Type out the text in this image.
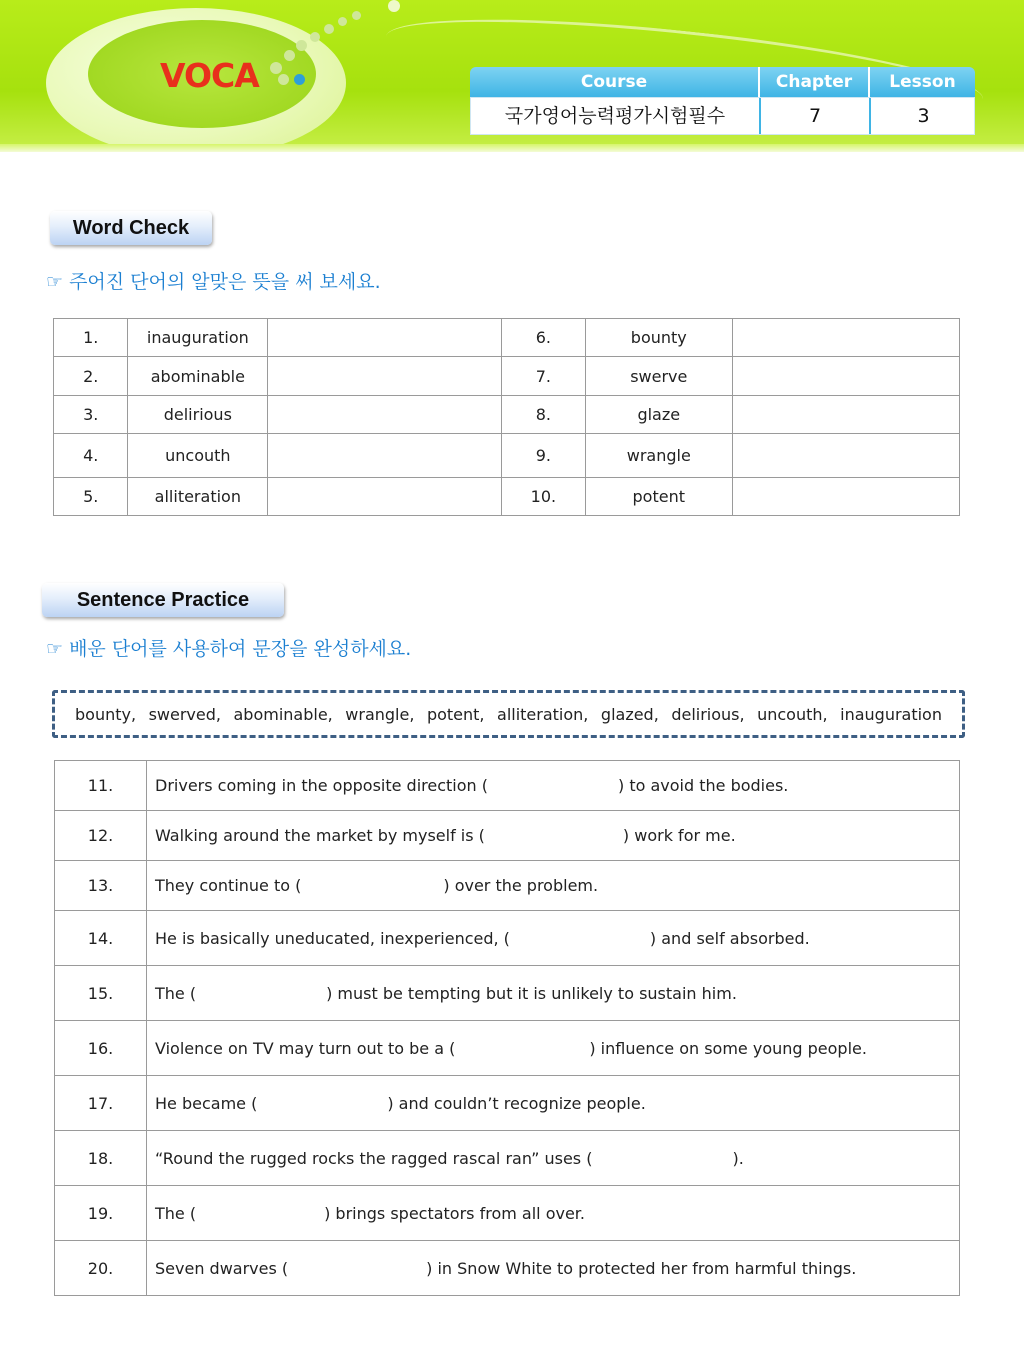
VOCA	Course	Chapter	Lesson
국가영어능력평가시험필수	7	3
Word Check
☞ 주어진 단어의 알맞은 뜻을 써 보세요.
1.	inauguration		6.	bounty	
2.	abominable		7.	swerve	
3.	delirious		8.	glaze	
4.	uncouth		9.	wrangle	
5.	alliteration		10.	potent	
Sentence Practice
☞ 배운 단어를 사용하여 문장을 완성하세요.
bounty, swerved, abominable, wrangle, potent, alliteration, glazed, delirious, uncouth, inauguration
11.	Drivers coming in the opposite direction ( ) to avoid the bodies.
12.	Walking around the market by myself is ( ) work for me.
13.	They continue to ( ) over the problem.
14.	He is basically uneducated, inexperienced, ( ) and self absorbed.
15.	The ( ) must be tempting but it is unlikely to sustain him.
16.	Violence on TV may turn out to be a ( ) influence on some young people.
17.	He became ( ) and couldn’t recognize people.
18.	“Round the rugged rocks the ragged rascal ran” uses ( ).
19.	The ( ) brings spectators from all over.
20.	Seven dwarves ( ) in Snow White to protected her from harmful things.
